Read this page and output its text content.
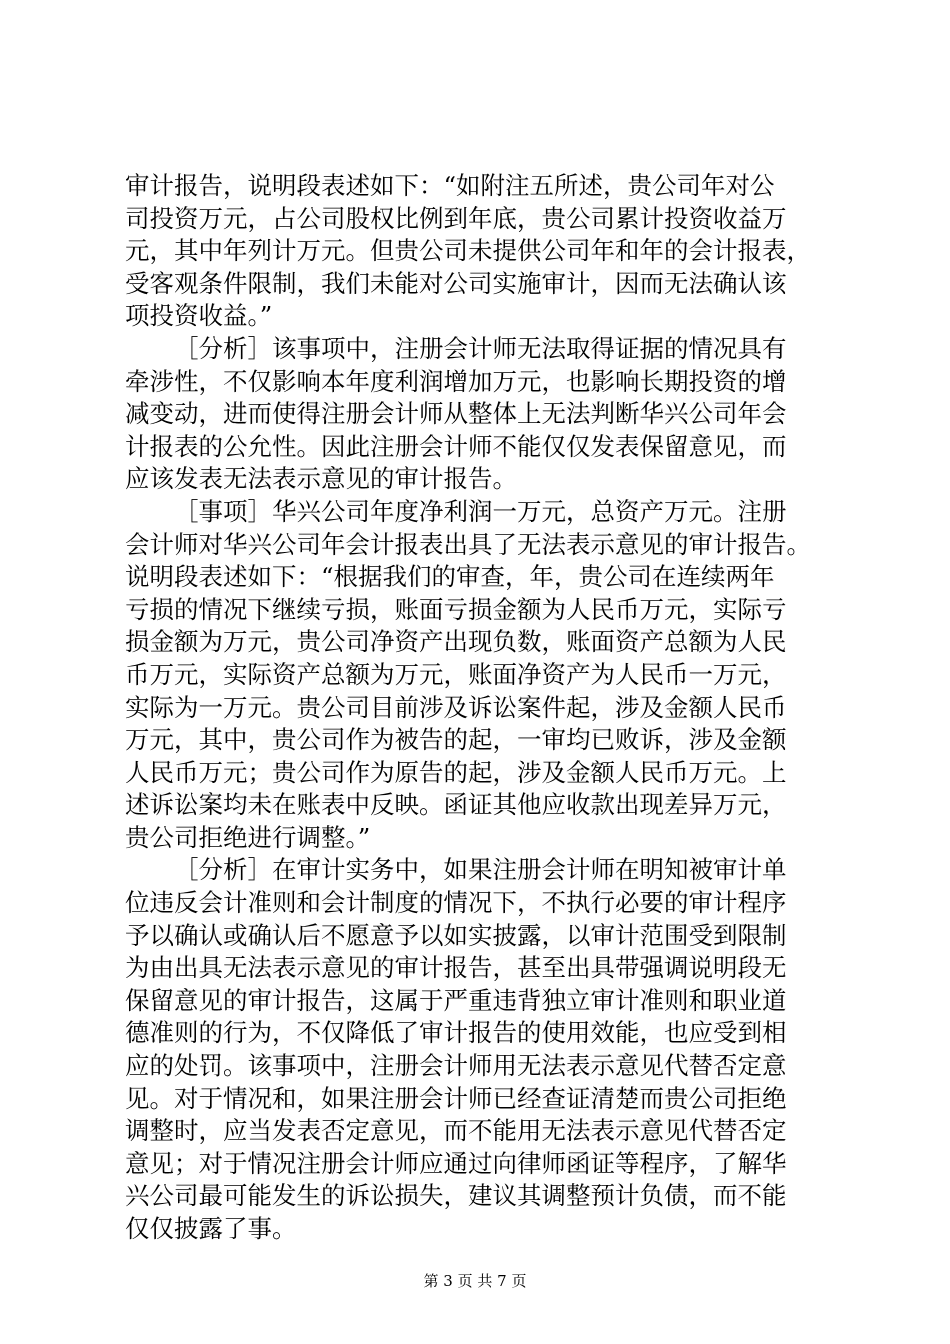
审计报告，说明段表述如下：“如附注五所述，贵公司年对公
司投资万元，占公司股权比例到年底，贵公司累计投资收益万
元，其中年列计万元。但贵公司未提供公司年和年的会计报表，
受客观条件限制，我们未能对公司实施审计，因而无法确认该
项投资收益。”
［分析］该事项中，注册会计师无法取得证据的情况具有
牵涉性，不仅影响本年度利润增加万元，也影响长期投资的增
减变动，进而使得注册会计师从整体上无法判断华兴公司年会
计报表的公允性。因此注册会计师不能仅仅发表保留意见，而
应该发表无法表示意见的审计报告。
［事项］华兴公司年度净利润一万元，总资产万元。注册
会计师对华兴公司年会计报表出具了无法表示意见的审计报告。
说明段表述如下：“根据我们的审查，年，贵公司在连续两年
亏损的情况下继续亏损，账面亏损金额为人民币万元，实际亏
损金额为万元，贵公司净资产出现负数，账面资产总额为人民
币万元，实际资产总额为万元，账面净资产为人民币一万元，
实际为一万元。贵公司目前涉及诉讼案件起，涉及金额人民币
万元，其中，贵公司作为被告的起，一审均已败诉，涉及金额
人民币万元；贵公司作为原告的起，涉及金额人民币万元。上
述诉讼案均未在账表中反映。函证其他应收款出现差异万元，
贵公司拒绝进行调整。”
［分析］在审计实务中，如果注册会计师在明知被审计单
位违反会计准则和会计制度的情况下，不执行必要的审计程序
予以确认或确认后不愿意予以如实披露，以审计范围受到限制
为由出具无法表示意见的审计报告，甚至出具带强调说明段无
保留意见的审计报告，这属于严重违背独立审计准则和职业道
德准则的行为，不仅降低了审计报告的使用效能，也应受到相
应的处罚。该事项中，注册会计师用无法表示意见代替否定意
见。对于情况和，如果注册会计师已经查证清楚而贵公司拒绝
调整时，应当发表否定意见，而不能用无法表示意见代替否定
意见；对于情况注册会计师应通过向律师函证等程序，了解华
兴公司最可能发生的诉讼损失，建议其调整预计负债，而不能
仅仅披露了事。
第 3 页 共 7 页
